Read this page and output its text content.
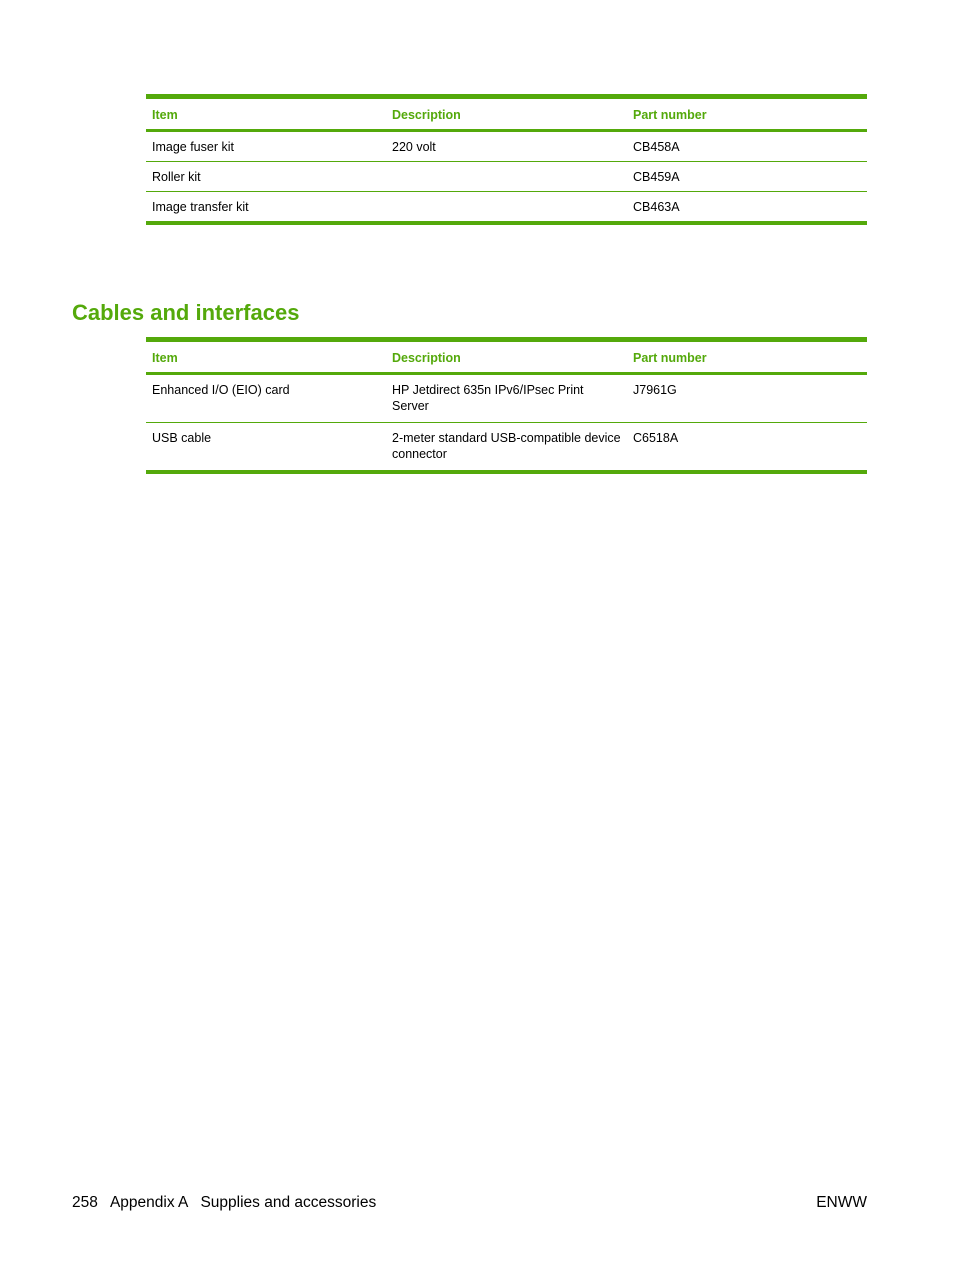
Item	Description	Part number
Image fuser kit	220 volt	CB458A
Roller kit		CB459A
Image transfer kit		CB463A
Cables and interfaces
Item	Description	Part number
Enhanced I/O (EIO) card	HP Jetdirect 635n IPv6/IPsec Print Server	J7961G
USB cable	2-meter standard USB-compatible device connector	C6518A
258 Appendix A Supplies and accessories	ENWW
